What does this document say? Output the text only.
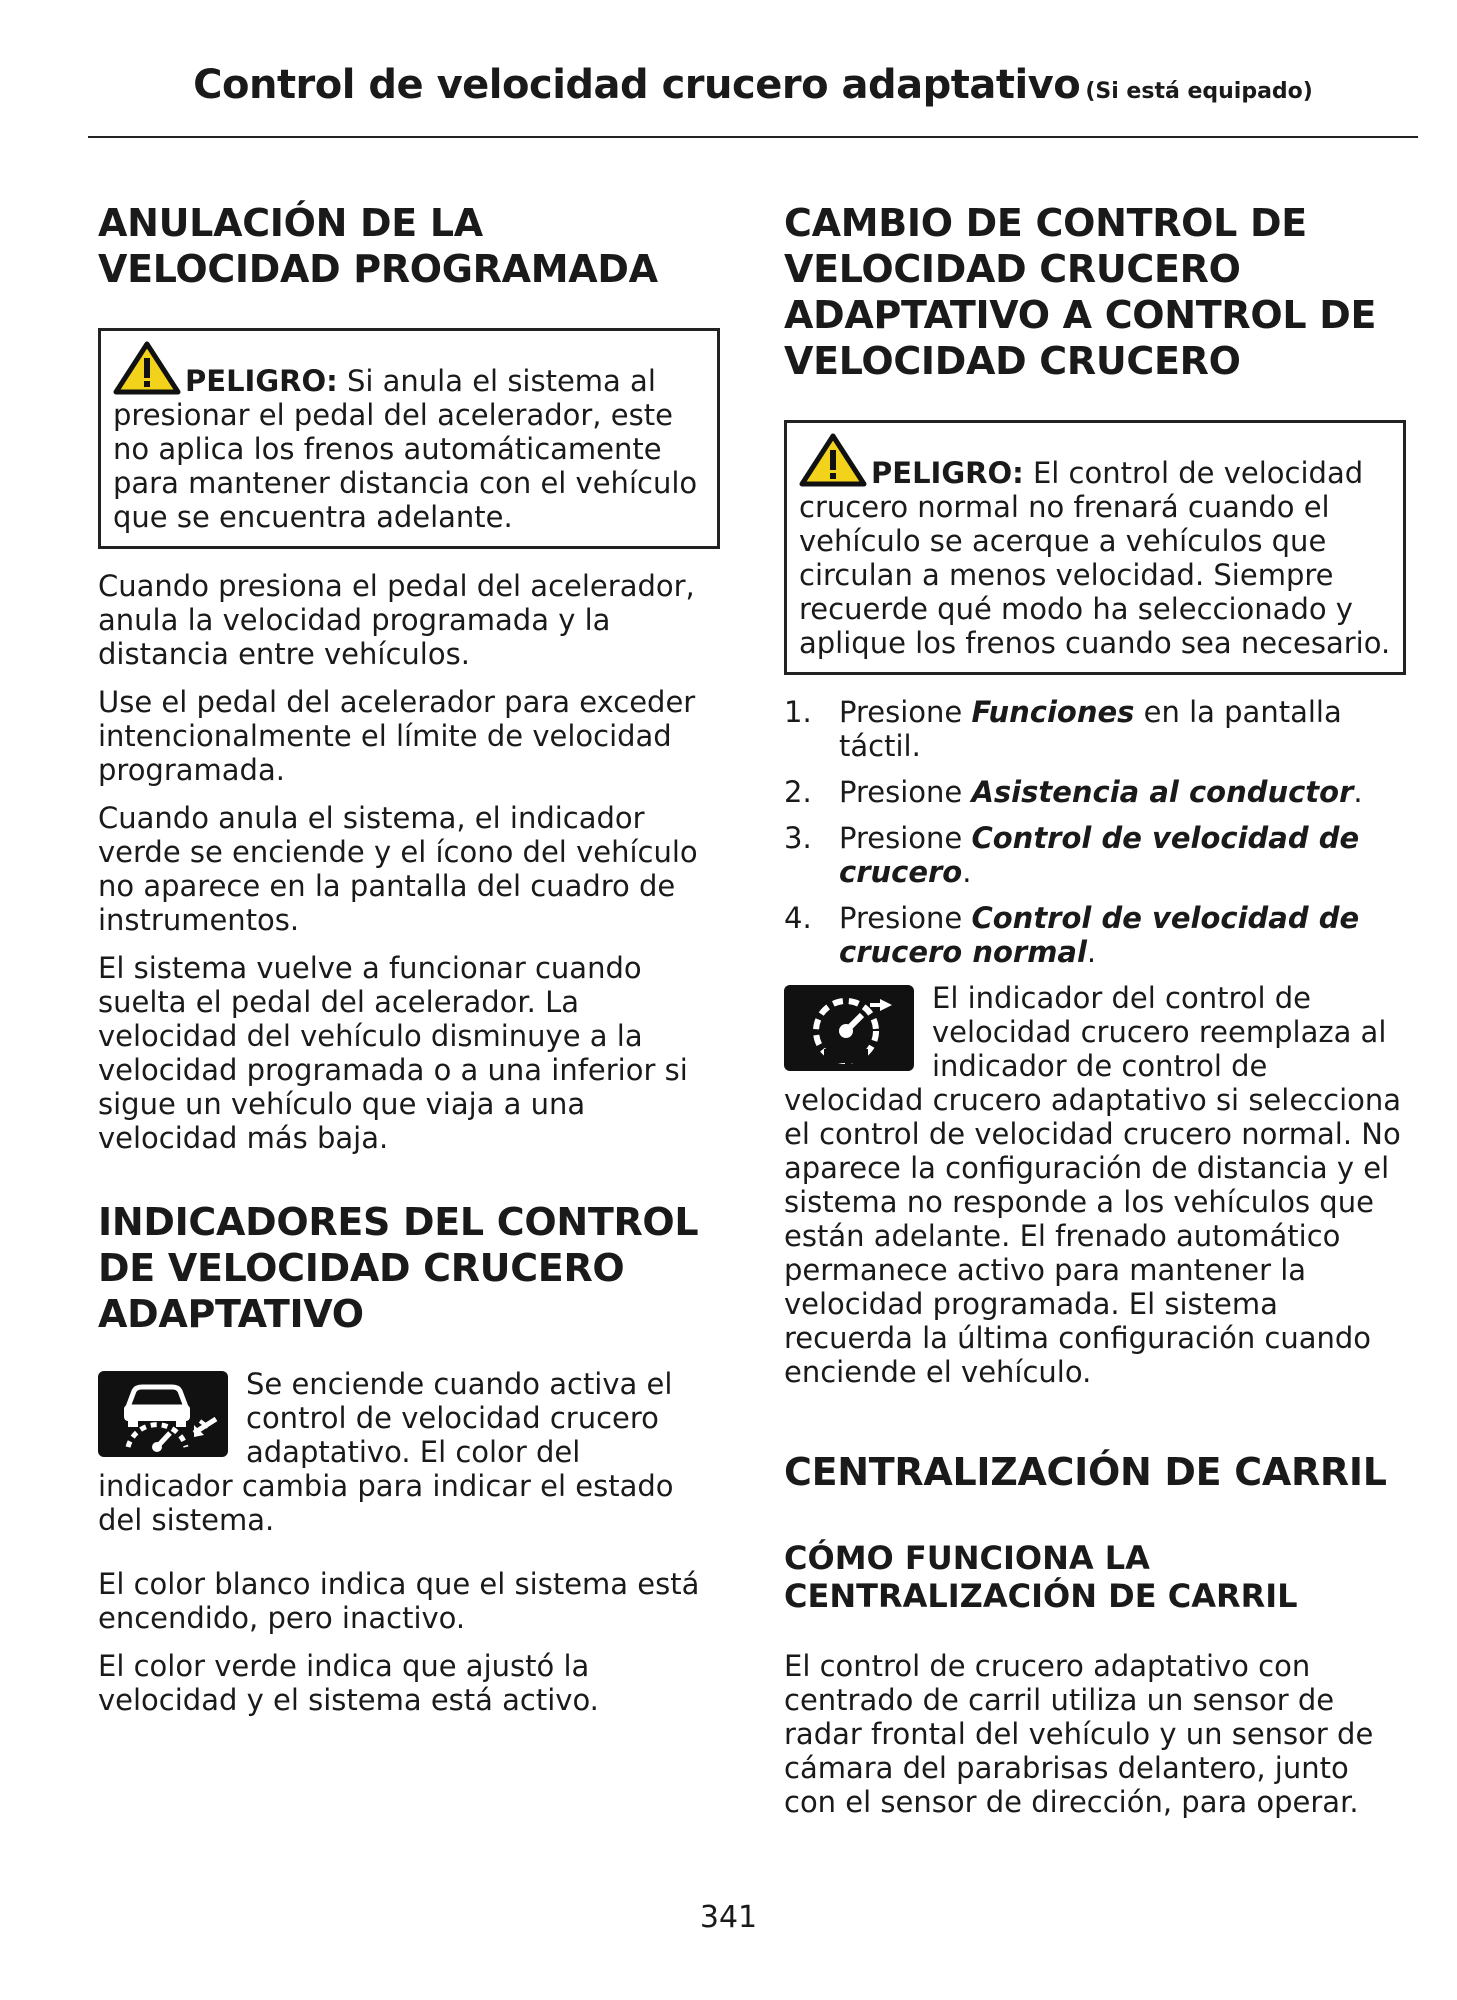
Control de velocidad crucero adaptativo (Si está equipado)
ANULACIÓN DE LA VELOCIDAD PROGRAMADA

PELIGRO: Si anula el sistema al presionar el pedal del acelerador, este no aplica los frenos automáticamente para mantener distancia con el vehículo que se encuentra adelante.

Cuando presiona el pedal del acelerador, anula la velocidad programada y la distancia entre vehículos.

Use el pedal del acelerador para exceder intencionalmente el límite de velocidad programada.

Cuando anula el sistema, el indicador verde se enciende y el ícono del vehículo no aparece en la pantalla del cuadro de instrumentos.

El sistema vuelve a funcionar cuando suelta el pedal del acelerador. La velocidad del vehículo disminuye a la velocidad programada o a una inferior si sigue un vehículo que viaja a una velocidad más baja.

INDICADORES DEL CONTROL DE VELOCIDAD CRUCERO ADAPTATIVO

Se enciende cuando activa el control de velocidad crucero adaptativo. El color del indicador cambia para indicar el estado del sistema.

El color blanco indica que el sistema está encendido, pero inactivo.

El color verde indica que ajustó la velocidad y el sistema está activo.

CAMBIO DE CONTROL DE VELOCIDAD CRUCERO ADAPTATIVO A CONTROL DE VELOCIDAD CRUCERO

PELIGRO: El control de velocidad crucero normal no frenará cuando el vehículo se acerque a vehículos que circulan a menos velocidad. Siempre recuerde qué modo ha seleccionado y aplique los frenos cuando sea necesario.

1. Presione Funciones en la pantalla táctil.
2. Presione Asistencia al conductor.
3. Presione Control de velocidad de crucero.
4. Presione Control de velocidad de crucero normal.

El indicador del control de velocidad crucero reemplaza al indicador de control de velocidad crucero adaptativo si selecciona el control de velocidad crucero normal. No aparece la configuración de distancia y el sistema no responde a los vehículos que están adelante. El frenado automático permanece activo para mantener la velocidad programada. El sistema recuerda la última configuración cuando enciende el vehículo.

CENTRALIZACIÓN DE CARRIL
CÓMO FUNCIONA LA CENTRALIZACIÓN DE CARRIL

El control de crucero adaptativo con centrado de carril utiliza un sensor de radar frontal del vehículo y un sensor de cámara del parabrisas delantero, junto con el sensor de dirección, para operar.

341
